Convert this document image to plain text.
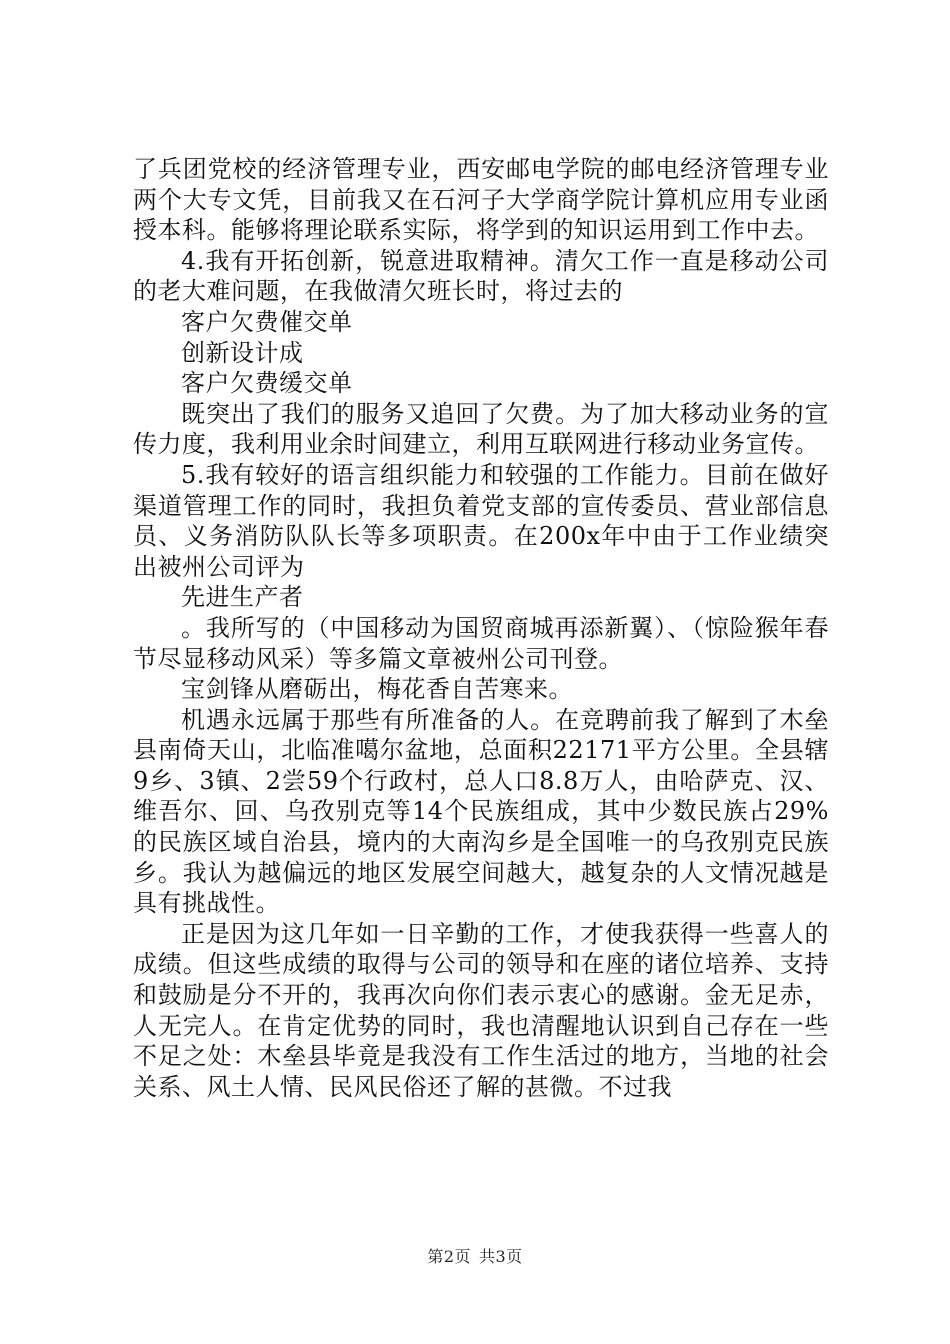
了兵团党校的经济管理专业，西安邮电学院的邮电经济管理专业两个大专文凭，目前我又在石河子大学商学院计算机应用专业函授本科。能够将理论联系实际，将学到的知识运用到工作中去。

4.我有开拓创新，锐意进取精神。清欠工作一直是移动公司的老大难问题，在我做清欠班长时，将过去的

客户欠费催交单

创新设计成

客户欠费缓交单

既突出了我们的服务又追回了欠费。为了加大移动业务的宣传力度，我利用业余时间建立，利用互联网进行移动业务宣传。

5.我有较好的语言组织能力和较强的工作能力。目前在做好渠道管理工作的同时，我担负着党支部的宣传委员、营业部信息员、义务消防队队长等多项职责。在200x年中由于工作业绩突出被州公司评为

先进生产者

。我所写的（中国移动为国贸商城再添新翼）、（惊险猴年春节尽显移动风采）等多篇文章被州公司刊登。

宝剑锋从磨砺出，梅花香自苦寒来。

机遇永远属于那些有所准备的人。在竞聘前我了解到了木垒县南倚天山，北临准噶尔盆地，总面积22171平方公里。全县辖9乡、3镇、2尝59个行政村，总人口8.8万人，由哈萨克、汉、维吾尔、回、乌孜别克等14个民族组成，其中少数民族占29%的民族区域自治县，境内的大南沟乡是全国唯一的乌孜别克民族乡。我认为越偏远的地区发展空间越大，越复杂的人文情况越是具有挑战性。

正是因为这几年如一日辛勤的工作，才使我获得一些喜人的成绩。但这些成绩的取得与公司的领导和在座的诸位培养、支持和鼓励是分不开的，我再次向你们表示衷心的感谢。金无足赤，人无完人。在肯定优势的同时，我也清醒地认识到自己存在一些不足之处：木垒县毕竟是我没有工作生活过的地方，当地的社会关系、风土人情、民风民俗还了解的甚微。不过我

第2页 共3页
